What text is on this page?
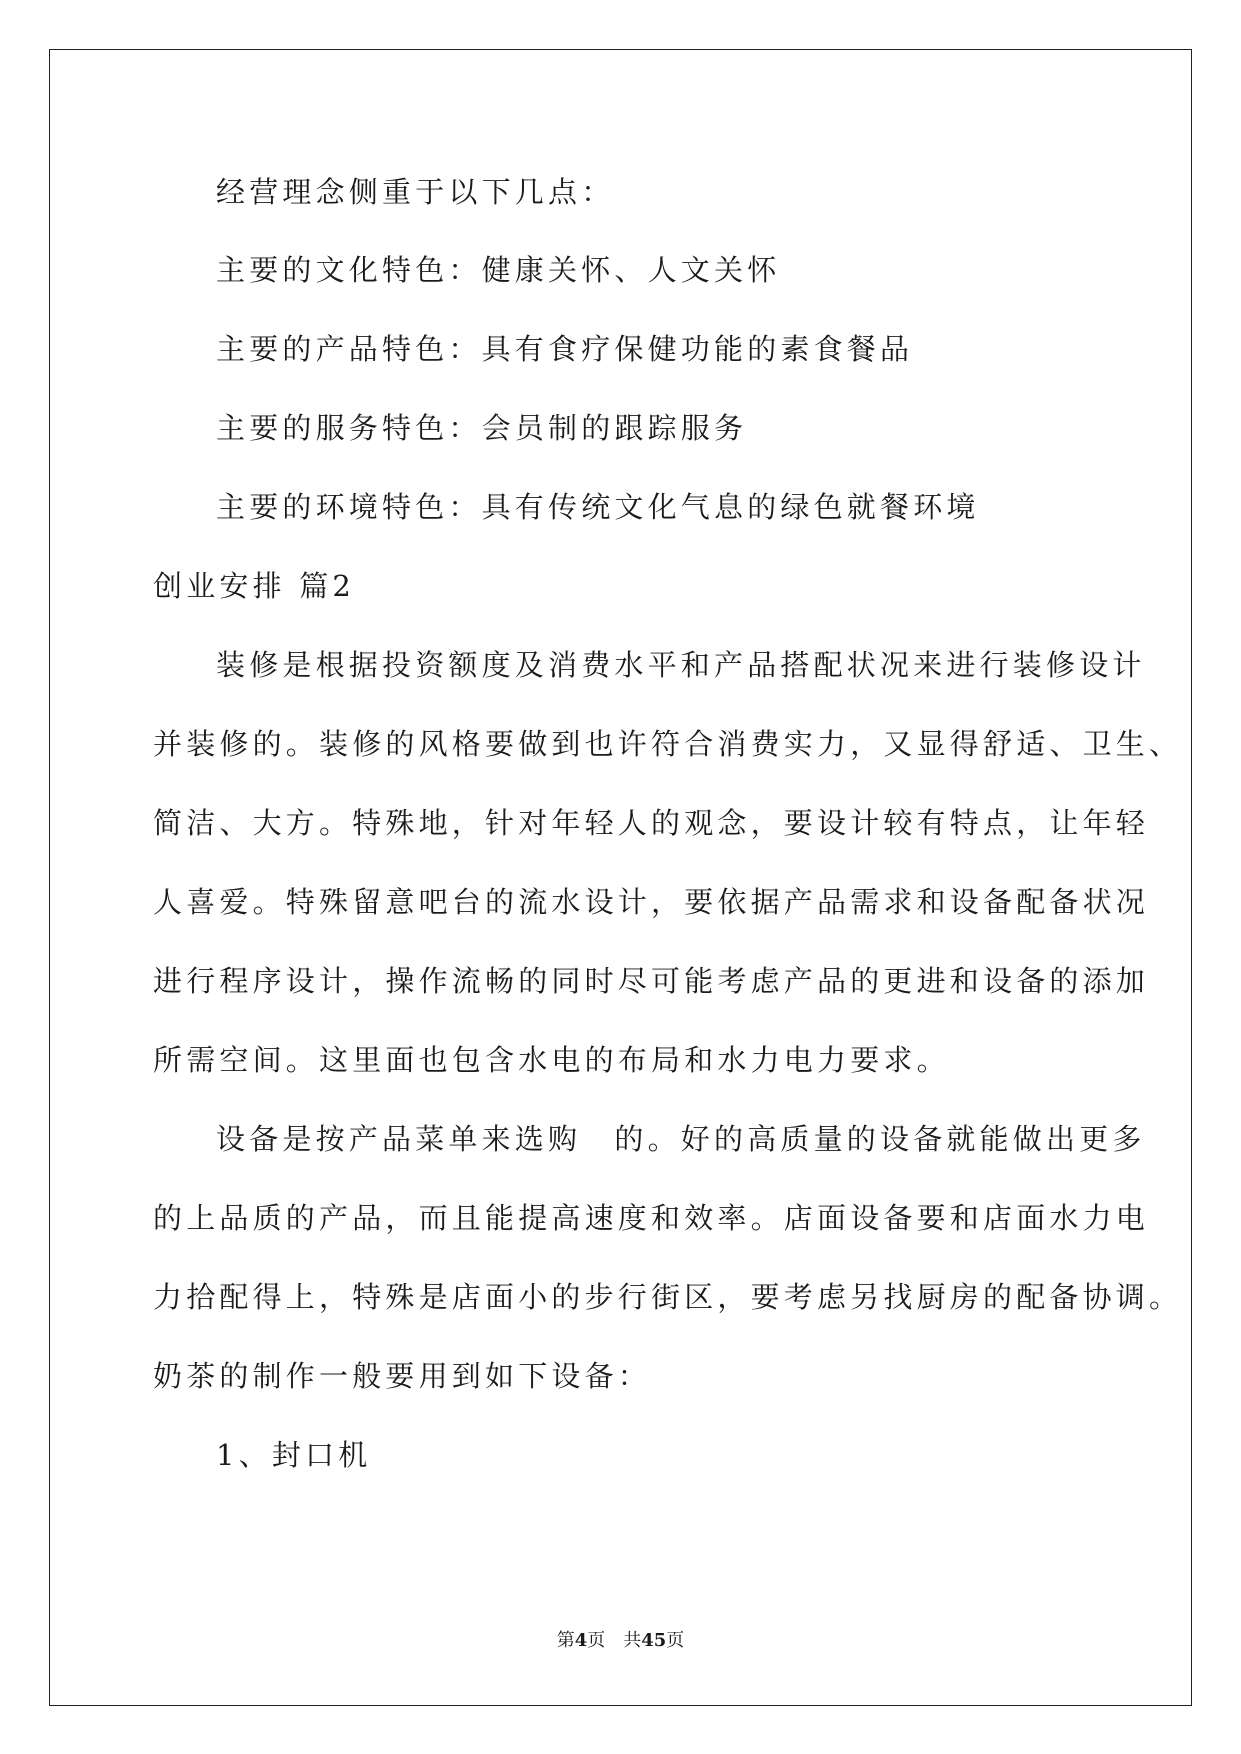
经营理念侧重于以下几点：
主要的文化特色：健康关怀、人文关怀
主要的产品特色：具有食疗保健功能的素食餐品
主要的服务特色：会员制的跟踪服务
主要的环境特色：具有传统文化气息的绿色就餐环境
创业安排 篇2
装修是根据投资额度及消费水平和产品搭配状况来进行装修设计
并装修的。装修的风格要做到也许符合消费实力，又显得舒适、卫生、
简洁、大方。特殊地，针对年轻人的观念，要设计较有特点，让年轻
人喜爱。特殊留意吧台的流水设计，要依据产品需求和设备配备状况
进行程序设计，操作流畅的同时尽可能考虑产品的更进和设备的添加
所需空间。这里面也包含水电的布局和水力电力要求。
设备是按产品菜单来选购　的。好的高质量的设备就能做出更多
的上品质的产品，而且能提高速度和效率。店面设备要和店面水力电
力拾配得上，特殊是店面小的步行街区，要考虑另找厨房的配备协调。
奶茶的制作一般要用到如下设备：
1、封口机
第4页　共45页
